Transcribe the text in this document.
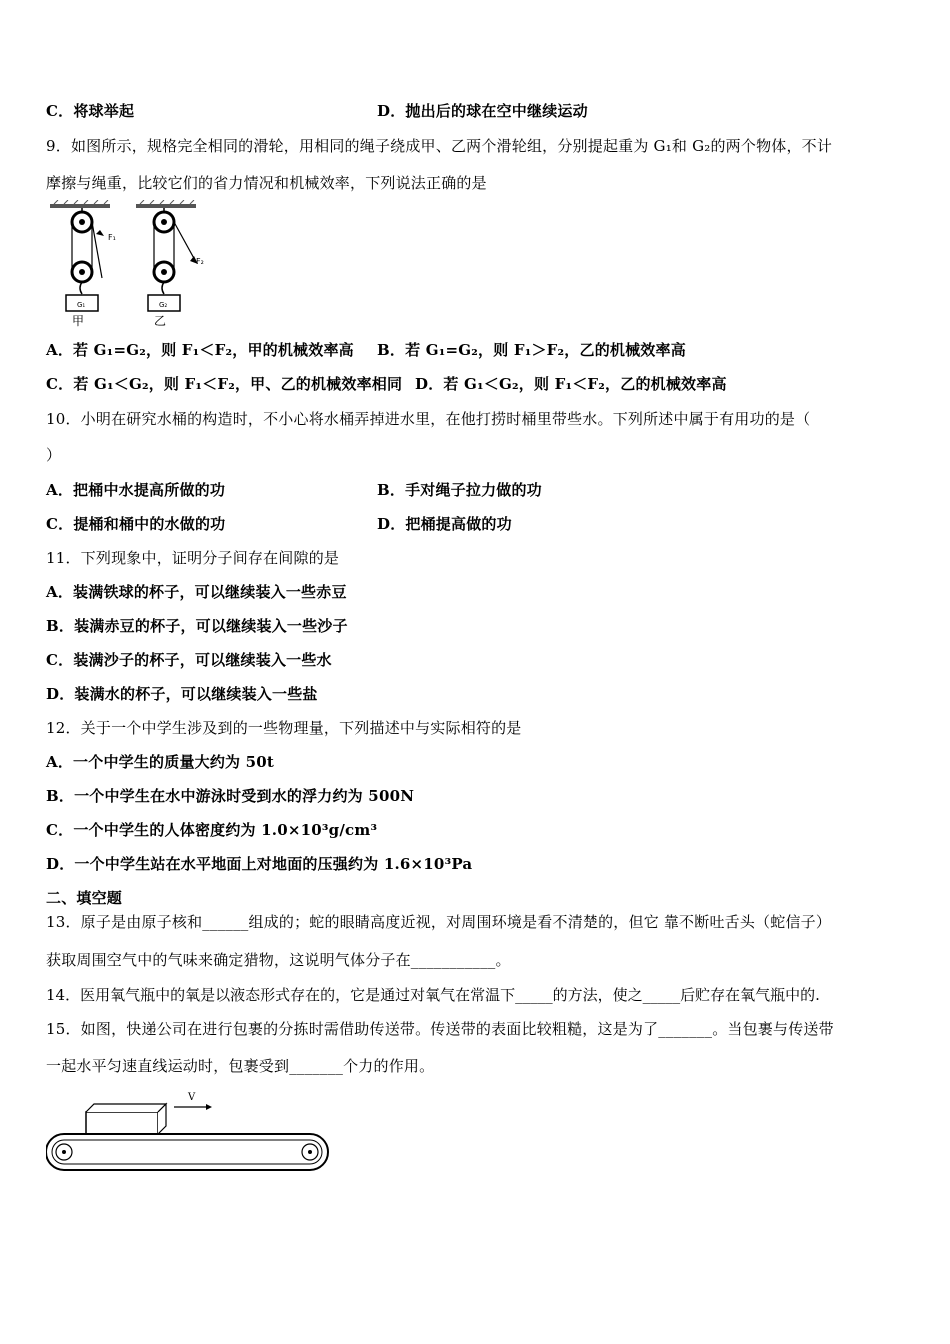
C．将球举起	D．抛出后的球在空中继续运动
9．如图所示，规格完全相同的滑轮，用相同的绳子绕成甲、乙两个滑轮组，分别提起重为 G₁和 G₂的两个物体，不计
摩擦与绳重，比较它们的省力情况和机械效率，下列说法正确的是
F₁
G₁
甲
F₂
G₂
乙
A．若 G₁=G₂，则 F₁＜F₂，甲的机械效率高 B．若 G₁=G₂，则 F₁＞F₂，乙的机械效率高
C．若 G₁＜G₂，则 F₁＜F₂，甲、乙的机械效率相同 D．若 G₁＜G₂，则 F₁＜F₂，乙的机械效率高
10．小明在研究水桶的构造时，不小心将水桶弄掉进水里，在他打捞时桶里带些水。下列所述中属于有用功的是（
）
A．把桶中水提高所做的功	B．手对绳子拉力做的功
C．提桶和桶中的水做的功	D．把桶提高做的功
11．下列现象中，证明分子间存在间隙的是
A．装满铁球的杯子，可以继续装入一些赤豆
B．装满赤豆的杯子，可以继续装入一些沙子
C．装满沙子的杯子，可以继续装入一些水
D．装满水的杯子，可以继续装入一些盐
12．关于一个中学生涉及到的一些物理量，下列描述中与实际相符的是
A．一个中学生的质量大约为 50t
B．一个中学生在水中游泳时受到水的浮力约为 500N
C．一个中学生的人体密度约为 1.0×10³g/cm³
D．一个中学生站在水平地面上对地面的压强约为 1.6×10³Pa
二、填空题
13．原子是由原子核和______组成的；蛇的眼睛高度近视，对周围环境是看不清楚的，但它 靠不断吐舌头（蛇信子）
获取周围空气中的气味来确定猎物，这说明气体分子在___________。
14．医用氧气瓶中的氧是以液态形式存在的，它是通过对氧气在常温下_____的方法，使之_____后贮存在氧气瓶中的.
15．如图，快递公司在进行包裹的分拣时需借助传送带。传送带的表面比较粗糙，这是为了_______。当包裹与传送带
一起水平匀速直线运动时，包裹受到_______个力的作用。
V
